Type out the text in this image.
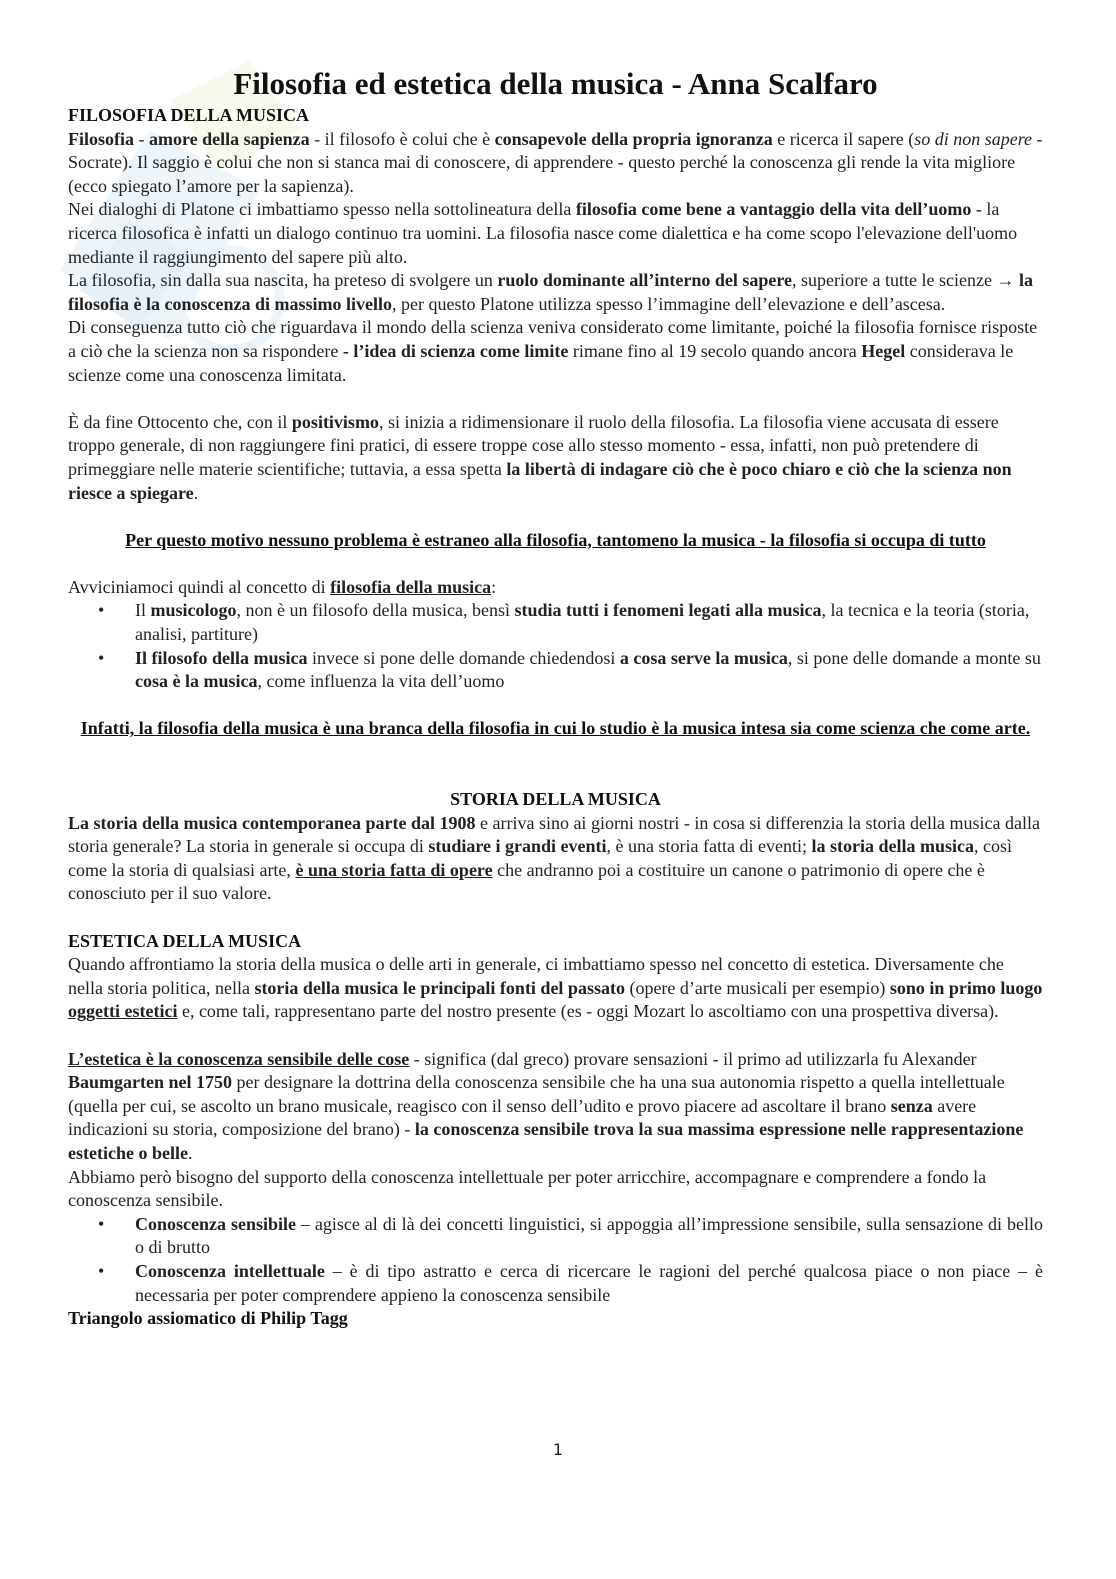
Filosofia ed estetica della musica - Anna Scalfaro

FILOSOFIA DELLA MUSICA

Filosofia - amore della sapienza - il filosofo è colui che è consapevole della propria ignoranza e ricerca il sapere (so di non sapere - Socrate). Il saggio è colui che non si stanca mai di conoscere, di apprendere - questo perché la conoscenza gli rende la vita migliore (ecco spiegato l’amore per la sapienza).

Nei dialoghi di Platone ci imbattiamo spesso nella sottolineatura della filosofia come bene a vantaggio della vita dell’uomo - la ricerca filosofica è infatti un dialogo continuo tra uomini. La filosofia nasce come dialettica e ha come scopo l'elevazione dell'uomo mediante il raggiungimento del sapere più alto.

La filosofia, sin dalla sua nascita, ha preteso di svolgere un ruolo dominante all’interno del sapere, superiore a tutte le scienze → la filosofia è la conoscenza di massimo livello, per questo Platone utilizza spesso l’immagine dell’elevazione e dell’ascesa.

Di conseguenza tutto ciò che riguardava il mondo della scienza veniva considerato come limitante, poiché la filosofia fornisce risposte a ciò che la scienza non sa rispondere - l’idea di scienza come limite rimane fino al 19 secolo quando ancora Hegel considerava le scienze come una conoscenza limitata.

È da fine Ottocento che, con il positivismo, si inizia a ridimensionare il ruolo della filosofia. La filosofia viene accusata di essere troppo generale, di non raggiungere fini pratici, di essere troppe cose allo stesso momento - essa, infatti, non può pretendere di primeggiare nelle materie scientifiche; tuttavia, a essa spetta la libertà di indagare ciò che è poco chiaro e ciò che la scienza non riesce a spiegare.

Per questo motivo nessuno problema è estraneo alla filosofia, tantomeno la musica - la filosofia si occupa di tutto

Avviciniamoci quindi al concetto di filosofia della musica:

• Il musicologo, non è un filosofo della musica, bensì studia tutti i fenomeni legati alla musica, la tecnica e la teoria (storia, analisi, partiture)
• Il filosofo della musica invece si pone delle domande chiedendosi a cosa serve la musica, si pone delle domande a monte su cosa è la musica, come influenza la vita dell’uomo

Infatti, la filosofia della musica è una branca della filosofia in cui lo studio è la musica intesa sia come scienza che come arte.

STORIA DELLA MUSICA

La storia della musica contemporanea parte dal 1908 e arriva sino ai giorni nostri - in cosa si differenzia la storia della musica dalla storia generale? La storia in generale si occupa di studiare i grandi eventi, è una storia fatta di eventi; la storia della musica, così come la storia di qualsiasi arte, è una storia fatta di opere che andranno poi a costituire un canone o patrimonio di opere che è conosciuto per il suo valore.

ESTETICA DELLA MUSICA

Quando affrontiamo la storia della musica o delle arti in generale, ci imbattiamo spesso nel concetto di estetica. Diversamente che nella storia politica, nella storia della musica le principali fonti del passato (opere d’arte musicali per esempio) sono in primo luogo oggetti estetici e, come tali, rappresentano parte del nostro presente (es - oggi Mozart lo ascoltiamo con una prospettiva diversa).

L’estetica è la conoscenza sensibile delle cose - significa (dal greco) provare sensazioni - il primo ad utilizzarla fu Alexander Baumgarten nel 1750 per designare la dottrina della conoscenza sensibile che ha una sua autonomia rispetto a quella intellettuale (quella per cui, se ascolto un brano musicale, reagisco con il senso dell’udito e provo piacere ad ascoltare il brano senza avere indicazioni su storia, composizione del brano) - la conoscenza sensibile trova la sua massima espressione nelle rappresentazione estetiche o belle.

Abbiamo però bisogno del supporto della conoscenza intellettuale per poter arricchire, accompagnare e comprendere a fondo la conoscenza sensibile.

• Conoscenza sensibile – agisce al di là dei concetti linguistici, si appoggia all’impressione sensibile, sulla sensazione di bello o di brutto
• Conoscenza intellettuale – è di tipo astratto e cerca di ricercare le ragioni del perché qualcosa piace o non piace – è necessaria per poter comprendere appieno la conoscenza sensibile

Triangolo assiomatico di Philip Tagg

1
